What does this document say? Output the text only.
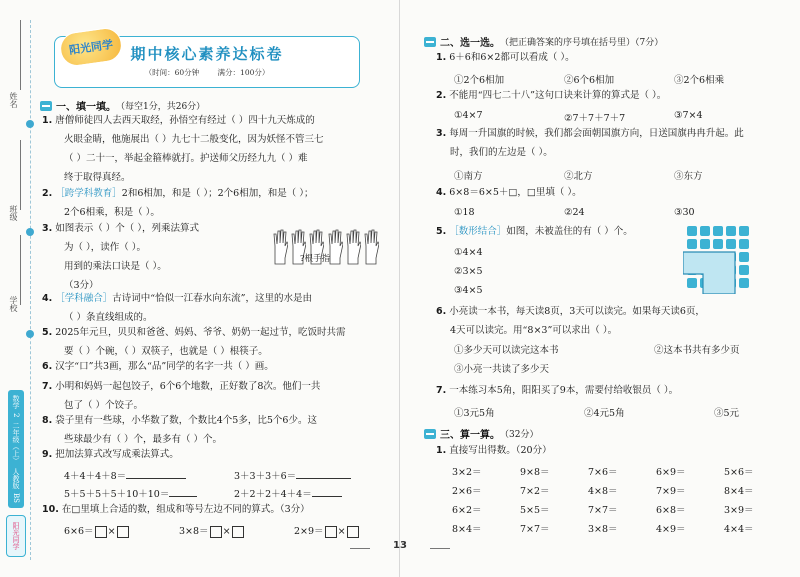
姓名
班级
学校
数学
2
二年级（上）
人教版
BS
阳光同学
阳光同学	期中核心素养达标卷
（时间：60分钟 满分：100分）
一、填一填。 （每空1分，共26分）
1. 唐僧师徒四人去西天取经，孙悟空有经过（ ）四十九天炼成的
火眼金睛，他施展出（ ）九七十二般变化，因为妖怪不管三七
（ ）二十一，举起金箍棒就打。护送师父历经九九（ ）难
终于取得真经。
2. ［跨学科教育］2和6相加，和是（ ）；2个6相加，和是（ ）；
2个6相乘，积是（ ）。
3. 如图表示（ ）个（ ），列乘法算式
为（ ），读作（ ）。
用到的乘法口诀是（ ）。
（3分）
?根手指
4. ［学科融合］古诗词中“恰似一江春水向东流”，这里的水是由
（ ）条直线组成的。
5. 2025年元旦，贝贝和爸爸、妈妈、爷爷、奶奶一起过节，吃饭时共需
要（ ）个碗，（ ）双筷子，也就是（ ）根筷子。
6. 汉字“口”共3画，那么“品”同学的名字一共（ ）画。
7. 小明和妈妈一起包饺子，6个6个地数，正好数了8次。他们一共
包了（ ）个饺子。
8. 袋子里有一些球，小华数了数，个数比4个5多，比5个6少。这
些球最少有（ ）个，最多有（ ）个。
9. 把加法算式改写成乘法算式。
4＋4＋4＋8＝	3＋3＋3＋6＝
5＋5＋5＋5＋10＋10＝	2＋2＋2＋4＋4＝
10. 在□里填上合适的数，组成和等号左边不同的算式。（3分）
6×6＝ ×	3×8＝ ×	2×9＝ ×
二、选一选。 （把正确答案的序号填在括号里）（7分）
1. 6＋6和6×2都可以看成（ ）。
①2个6相加	②6个6相加	③2个6相乘
2. 不能用“四七二十八”这句口诀来计算的算式是（ ）。
①4×7	②7＋7＋7＋7	③7×4
3. 每周一升国旗的时候，我们都会面朝国旗方向，日送国旗冉冉升起。此
时，我们的左边是（ ）。
①南方	②北方	③东方
4. 6×8＝6×5＋□，□里填（ ）。
①18	②24	③30
5. ［数形结合］如图，未被盖住的有（ ）个。
①4×4
②3×5
③4×5
6. 小亮读一本书，每天读8页，3天可以读完。如果每天读6页，
4天可以读完。用“8×3”可以求出（ ）。
①多少天可以读完这本书	②这本书共有多少页
③小亮一共读了多少天
7. 一本练习本5角，阳阳买了9本，需要付给收银员（ ）。
①3元5角	②4元5角	③5元
三、算一算。 （32分）
1. 直接写出得数。（20分）
3×2＝	9×8＝	7×6＝	6×9＝	5×6＝
2×6＝	7×2＝	4×8＝	7×9＝	8×4＝
6×2＝	5×5＝	7×7＝	6×8＝	3×9＝
8×4＝	7×7＝	3×8＝	4×9＝	4×4＝
13
